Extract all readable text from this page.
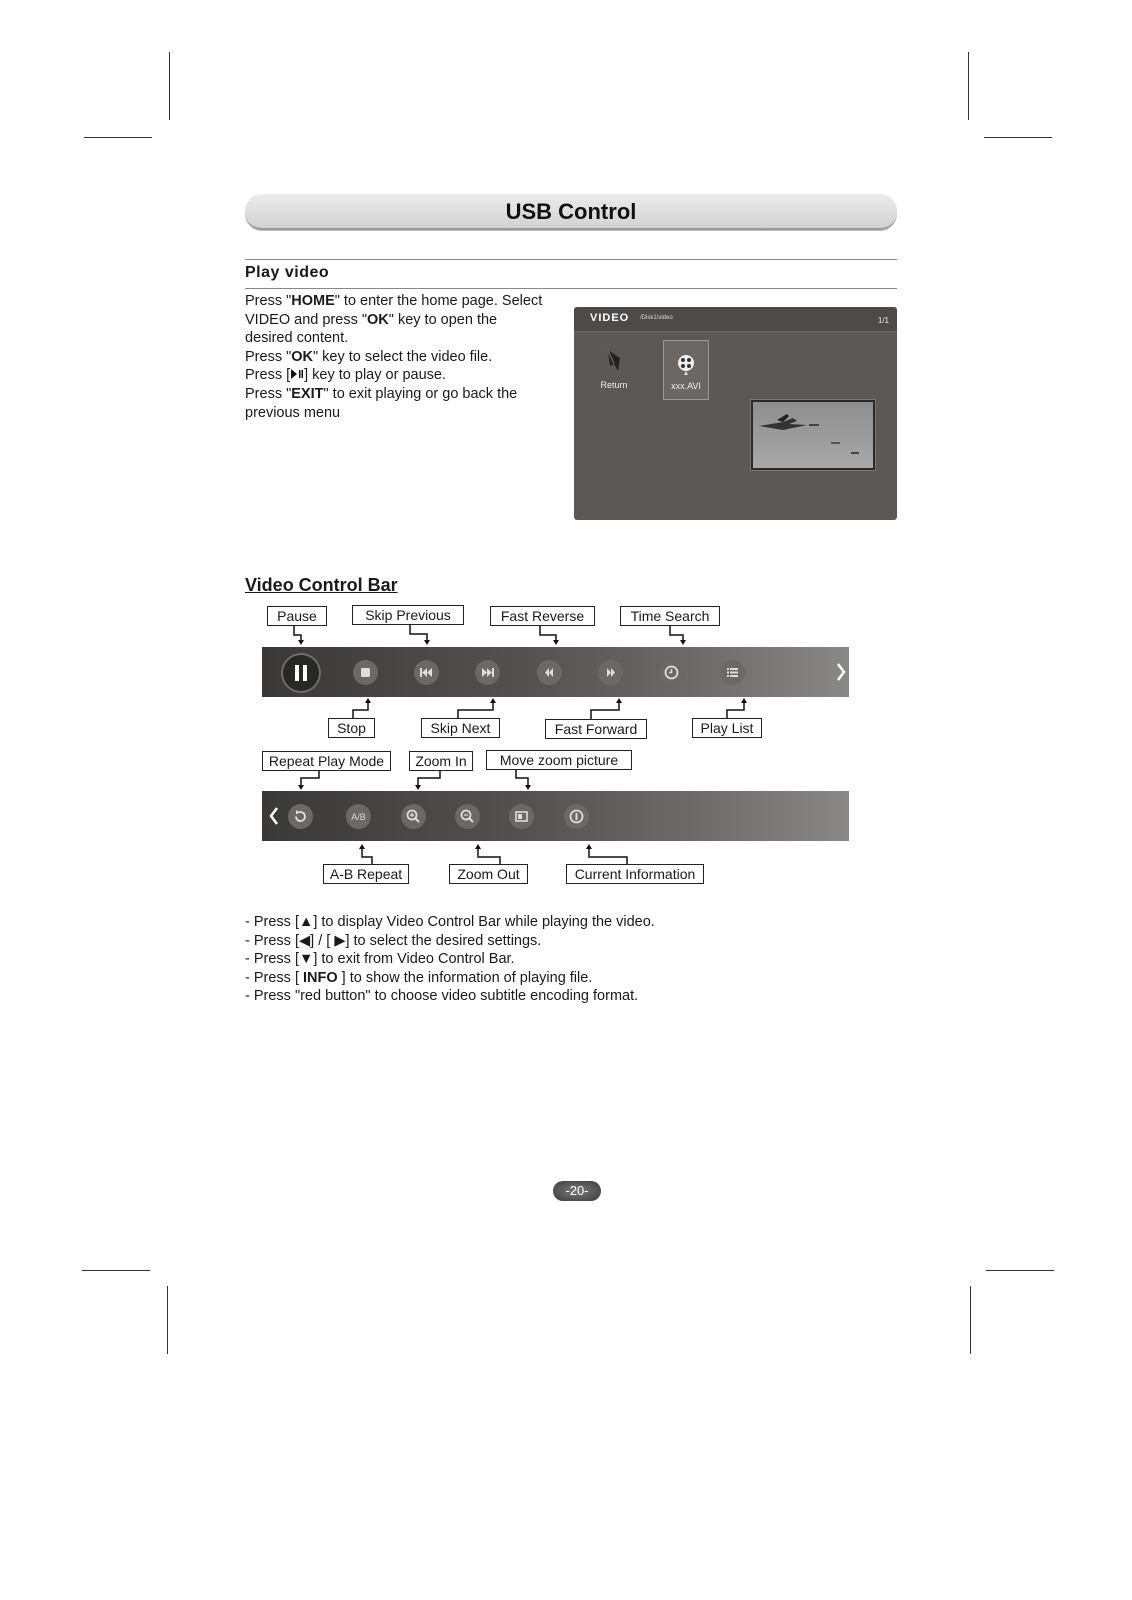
USB Control
Play video
Press "HOME" to enter the home page. Select
VIDEO and press "OK" key to open the
desired content.
Press "OK" key to select the video file.
Press [ ] key to play or pause.
Press "EXIT" to exit playing or go back the
previous menu
VIDEO /Disk1/video	1/1
Return	xxx.AVI
Video Control Bar
Pause	Skip Previous	Fast Reverse	Time Search
Stop	Skip Next	Fast Forward	Play List
Repeat Play Mode	Zoom In	Move zoom picture
A/B
A-B Repeat	Zoom Out	Current Information
- Press [▲] to display Video Control Bar while playing the video.
- Press [◀] / [ ▶] to select the desired settings.
- Press [▼] to exit from Video Control Bar.
- Press [ INFO ] to show the information of playing file.
- Press "red button" to choose video subtitle encoding format.
-20-
